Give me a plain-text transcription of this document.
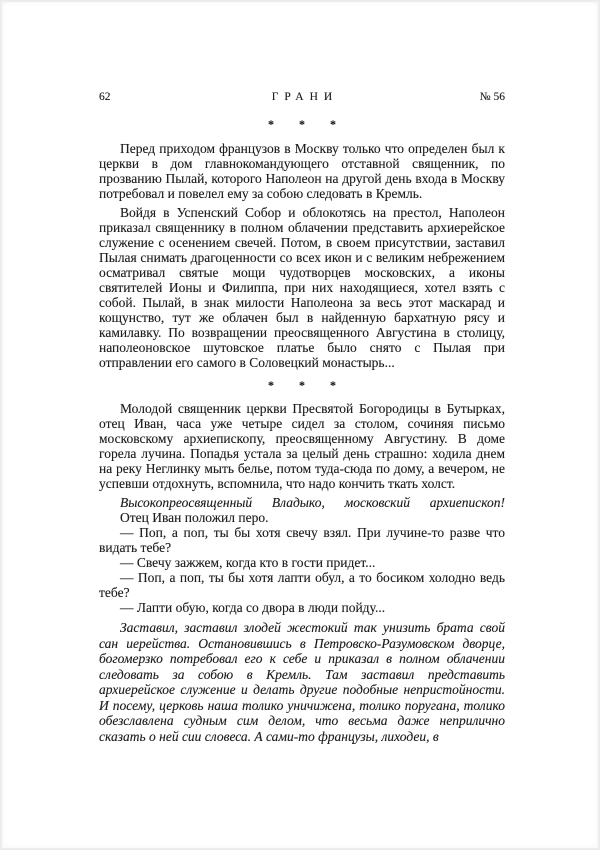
62	ГРАНИ	№ 56
* * *

Перед приходом французов в Москву только что определен был к церкви в дом главнокомандующего отставной священник, по прозванию Пылай, которого Наполеон на другой день входа в Москву потребовал и повелел ему за собою следовать в Кремль.

Войдя в Успенский Собор и облокотясь на престол, Наполеон приказал священнику в полном облачении представить архиерейское служение с осенением свечей. Потом, в своем присутствии, заставил Пылая снимать драгоценности со всех икон и с великим небрежением осматривал святые мощи чудотворцев московских, а иконы святителей Ионы и Филиппа, при них находящиеся, хотел взять с собой. Пылай, в знак милости Наполеона за весь этот маскарад и кощунство, тут же облачен был в найденную бархатную рясу и камилавку. По возвращении преосвященного Августина в столицу, наполеоновское шутовское платье было снято с Пылая при отправлении его самого в Соловецкий монастырь...

* * *

Молодой священник церкви Пресвятой Богородицы в Бутырках, отец Иван, часа уже четыре сидел за столом, сочиняя письмо московскому архиепископу, преосвященному Августину. В доме горела лучина. Попадья устала за целый день страшно: ходила днем на реку Неглинку мыть белье, потом туда-сюда по дому, а вечером, не успевши отдохнуть, вспомнила, что надо кончить ткать холст.

Высокопреосвященный Владыко, московский архиепископ!

Отец Иван положил перо.

— Поп, а поп, ты бы хотя свечу взял. При лучине-то разве что видать тебе?

— Свечу зажжем, когда кто в гости придет...

— Поп, а поп, ты бы хотя лапти обул, а то босиком холодно ведь тебе?

— Лапти обую, когда со двора в люди пойду...

Заставил, заставил злодей жестокий так унизить брата свой сан иерейства. Остановившись в Петровско-Разумовском дворце, богомерзко потребовал его к себе и приказал в полном облачении следовать за собою в Кремль. Там заставил представить архиерейское служение и делать другие подобные непристойности. И посему, церковь наша толико уничижена, толико поругана, толико обезславлена судным сим делом, что весьма даже неприлично сказать о ней сии словеса. А сами-то французы, лиходеи, в
